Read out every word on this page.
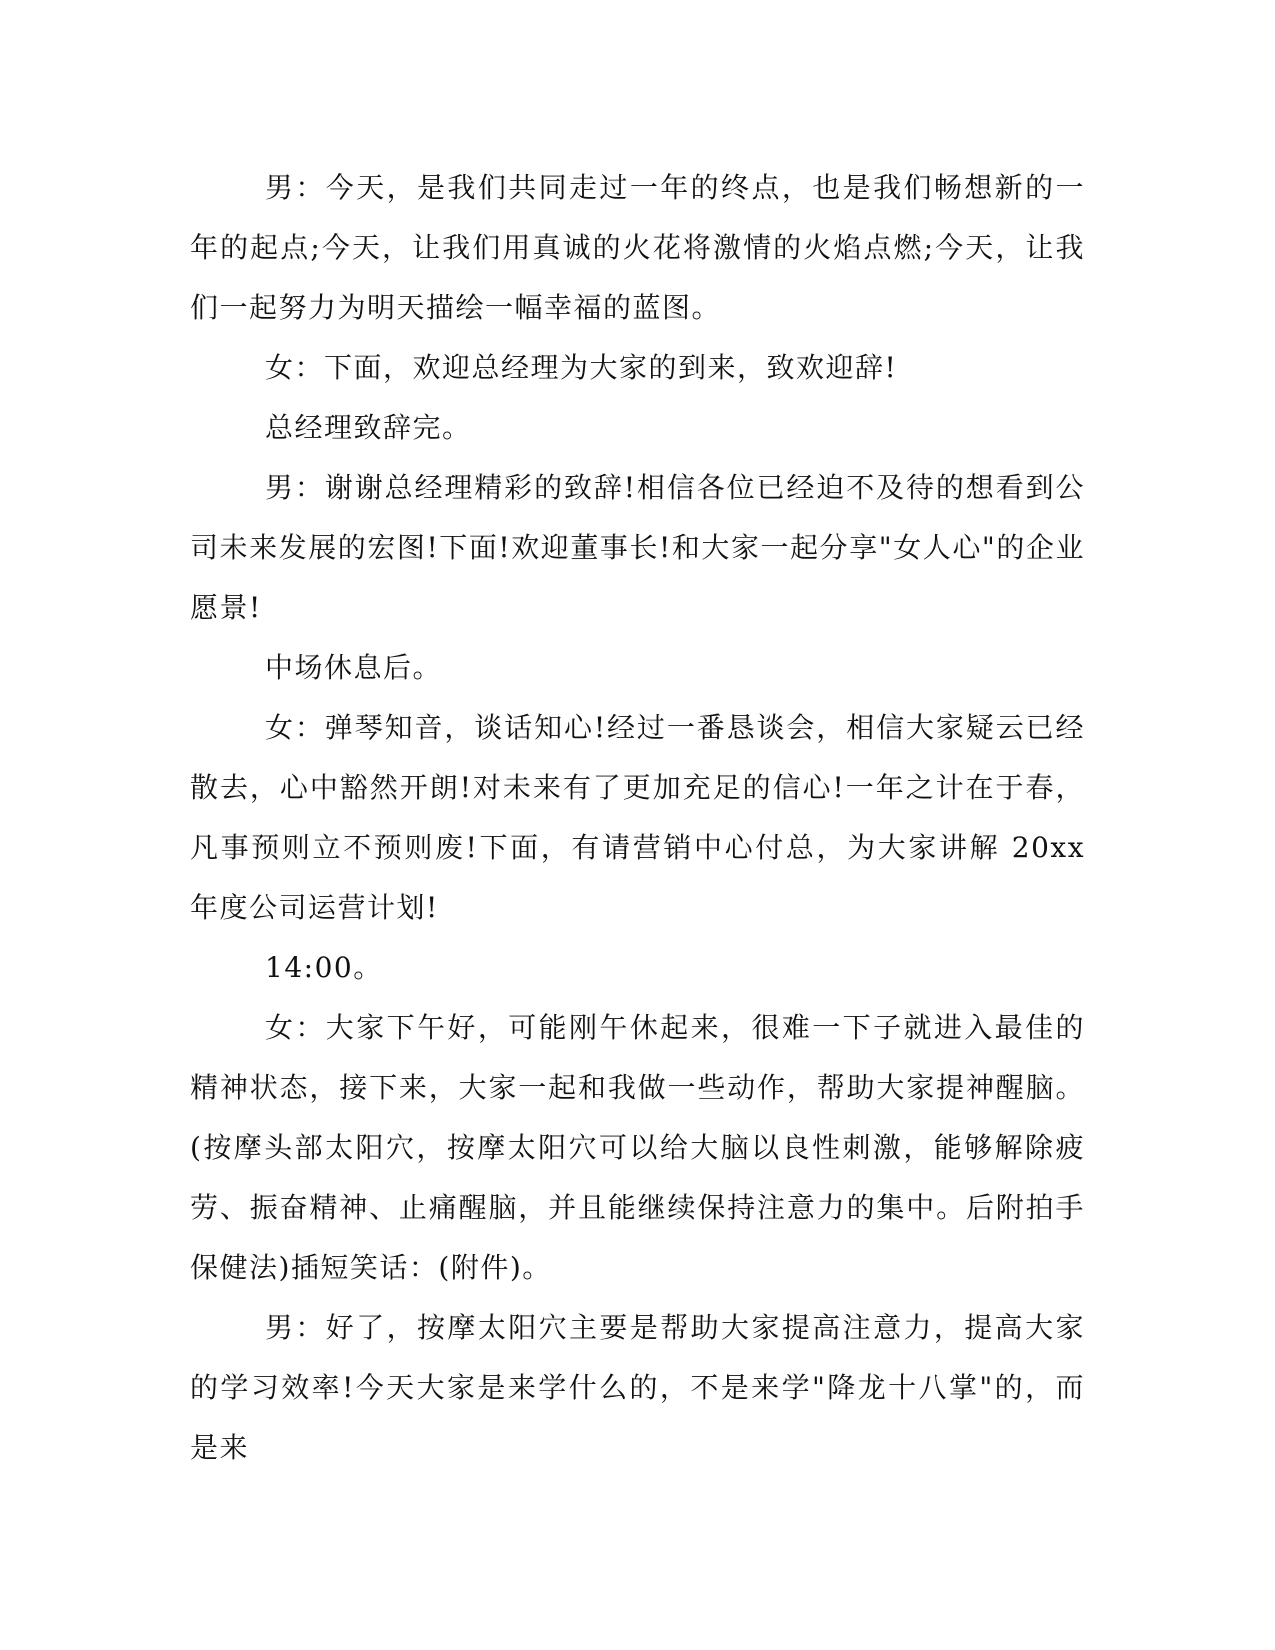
男：今天，是我们共同走过一年的终点，也是我们畅想新的一年的起点;今天，让我们用真诚的火花将激情的火焰点燃;今天，让我们一起努力为明天描绘一幅幸福的蓝图。

女：下面，欢迎总经理为大家的到来，致欢迎辞!

总经理致辞完。

男：谢谢总经理精彩的致辞!相信各位已经迫不及待的想看到公司未来发展的宏图!下面!欢迎董事长!和大家一起分享"女人心"的企业愿景!

中场休息后。

女：弹琴知音，谈话知心!经过一番恳谈会，相信大家疑云已经散去，心中豁然开朗!对未来有了更加充足的信心!一年之计在于春，凡事预则立不预则废!下面，有请营销中心付总，为大家讲解 20xx 年度公司运营计划!

14:00。

女：大家下午好，可能刚午休起来，很难一下子就进入最佳的精神状态，接下来，大家一起和我做一些动作，帮助大家提神醒脑。(按摩头部太阳穴，按摩太阳穴可以给大脑以良性刺激，能够解除疲劳、振奋精神、止痛醒脑，并且能继续保持注意力的集中。后附拍手保健法)插短笑话：(附件)。

男：好了，按摩太阳穴主要是帮助大家提高注意力，提高大家的学习效率!今天大家是来学什么的，不是来学"降龙十八掌"的，而是来
